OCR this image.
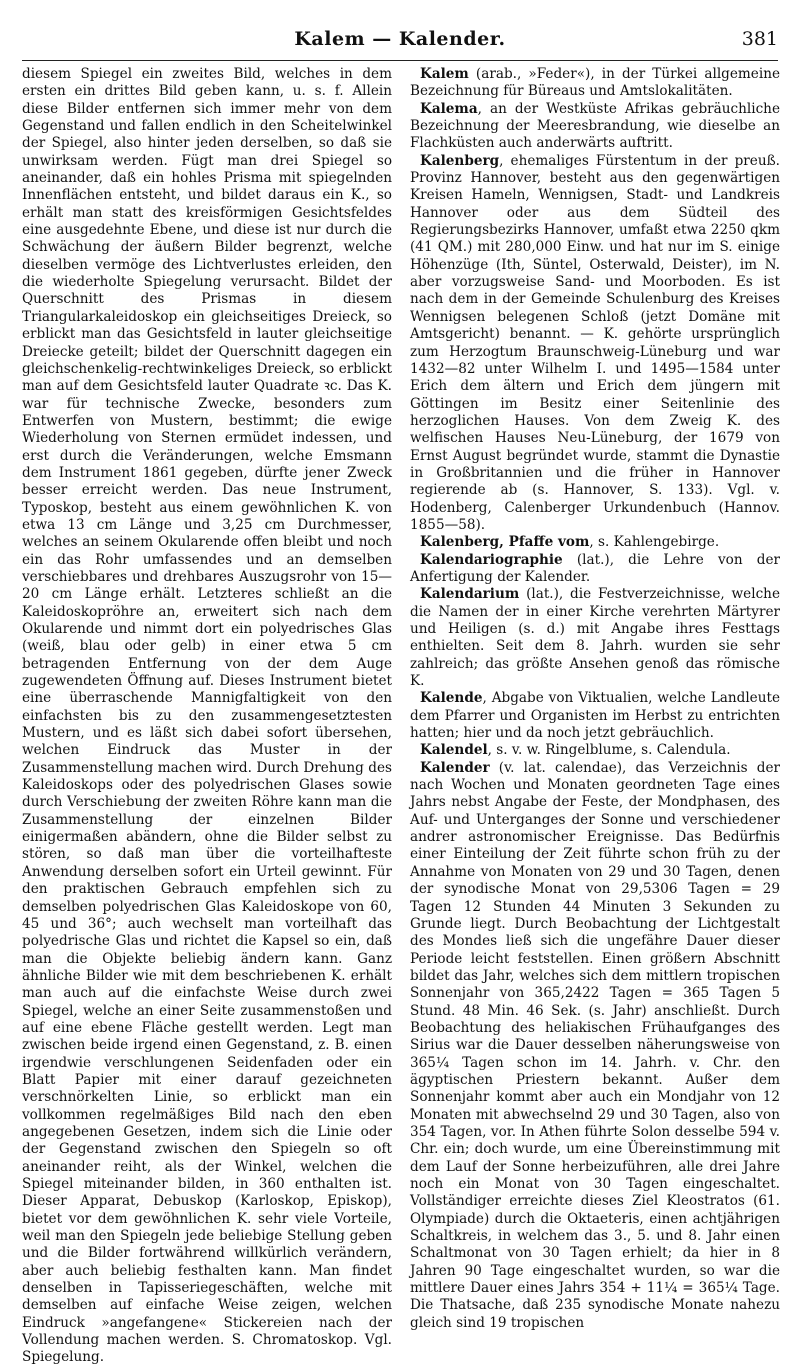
Kalem — Kalender.	381

diesem Spiegel ein zweites Bild, welches in dem ersten ein drittes Bild geben kann, u. s. f. Allein diese Bilder entfernen sich immer mehr von dem Gegenstand und fallen endlich in den Scheitelwinkel der Spiegel, also hinter jeden derselben, so daß sie unwirksam werden. Fügt man drei Spiegel so aneinander, daß ein hohles Prisma mit spiegelnden Innenflächen entsteht, und bildet daraus ein K., so erhält man statt des kreisförmigen Gesichtsfeldes eine ausgedehnte Ebene, und diese ist nur durch die Schwächung der äußern Bilder begrenzt, welche dieselben vermöge des Lichtverlustes erleiden, den die wiederholte Spiegelung verursacht. Bildet der Querschnitt des Prismas in diesem Triangularkaleidoskop ein gleichseitiges Dreieck, so erblickt man das Gesichtsfeld in lauter gleichseitige Dreiecke geteilt; bildet der Querschnitt dagegen ein gleichschenkelig-rechtwinkeliges Dreieck, so erblickt man auf dem Gesichtsfeld lauter Quadrate ꝛc. Das K. war für technische Zwecke, besonders zum Entwerfen von Mustern, bestimmt; die ewige Wiederholung von Sternen ermüdet indessen, und erst durch die Veränderungen, welche Emsmann dem Instrument 1861 gegeben, dürfte jener Zweck besser erreicht werden. Das neue Instrument, Typoskop, besteht aus einem gewöhnlichen K. von etwa 13 cm Länge und 3,25 cm Durchmesser, welches an seinem Okularende offen bleibt und noch ein das Rohr umfassendes und an demselben verschiebbares und drehbares Auszugsrohr von 15—20 cm Länge erhält. Letzteres schließt an die Kaleidoskopröhre an, erweitert sich nach dem Okularende und nimmt dort ein polyedrisches Glas (weiß, blau oder gelb) in einer etwa 5 cm betragenden Entfernung von der dem Auge zugewendeten Öffnung auf. Dieses Instrument bietet eine überraschende Mannigfaltigkeit von den einfachsten bis zu den zusammengesetztesten Mustern, und es läßt sich dabei sofort übersehen, welchen Eindruck das Muster in der Zusammenstellung machen wird. Durch Drehung des Kaleidoskops oder des polyedrischen Glases sowie durch Verschiebung der zweiten Röhre kann man die Zusammenstellung der einzelnen Bilder einigermaßen abändern, ohne die Bilder selbst zu stören, so daß man über die vorteilhafteste Anwendung derselben sofort ein Urteil gewinnt. Für den praktischen Gebrauch empfehlen sich zu demselben polyedrischen Glas Kaleidoskope von 60, 45 und 36°; auch wechselt man vorteilhaft das polyedrische Glas und richtet die Kapsel so ein, daß man die Objekte beliebig ändern kann. Ganz ähnliche Bilder wie mit dem beschriebenen K. erhält man auch auf die einfachste Weise durch zwei Spiegel, welche an einer Seite zusammenstoßen und auf eine ebene Fläche gestellt werden. Legt man zwischen beide irgend einen Gegenstand, z. B. einen irgendwie verschlungenen Seidenfaden oder ein Blatt Papier mit einer darauf gezeichneten verschnörkelten Linie, so erblickt man ein vollkommen regelmäßiges Bild nach den eben angegebenen Gesetzen, indem sich die Linie oder der Gegenstand zwischen den Spiegeln so oft aneinander reiht, als der Winkel, welchen die Spiegel miteinander bilden, in 360 enthalten ist. Dieser Apparat, Debuskop (Karloskop, Episkop), bietet vor dem gewöhnlichen K. sehr viele Vorteile, weil man den Spiegeln jede beliebige Stellung geben und die Bilder fortwährend willkürlich verändern, aber auch beliebig festhalten kann. Man findet denselben in Tapisseriegeschäften, welche mit demselben auf einfache Weise zeigen, welchen Eindruck »angefangene« Stickereien nach der Vollendung machen werden. S. Chromatoskop. Vgl. Spiegelung.

Kalem (arab., »Feder«), in der Türkei allgemeine Bezeichnung für Büreaus und Amtslokalitäten.

Kalema, an der Westküste Afrikas gebräuchliche Bezeichnung der Meeresbrandung, wie dieselbe an Flachküsten auch anderwärts auftritt.

Kalenberg, ehemaliges Fürstentum in der preuß. Provinz Hannover, besteht aus den gegenwärtigen Kreisen Hameln, Wennigsen, Stadt- und Landkreis Hannover oder aus dem Südteil des Regierungsbezirks Hannover, umfaßt etwa 2250 qkm (41 QM.) mit 280,000 Einw. und hat nur im S. einige Höhenzüge (Ith, Süntel, Osterwald, Deister), im N. aber vorzugsweise Sand- und Moorboden. Es ist nach dem in der Gemeinde Schulenburg des Kreises Wennigsen belegenen Schloß (jetzt Domäne mit Amtsgericht) benannt. — K. gehörte ursprünglich zum Herzogtum Braunschweig-Lüneburg und war 1432—82 unter Wilhelm I. und 1495—1584 unter Erich dem ältern und Erich dem jüngern mit Göttingen im Besitz einer Seitenlinie des herzoglichen Hauses. Von dem Zweig K. des welfischen Hauses Neu-Lüneburg, der 1679 von Ernst August begründet wurde, stammt die Dynastie in Großbritannien und die früher in Hannover regierende ab (s. Hannover, S. 133). Vgl. v. Hodenberg, Calenberger Urkundenbuch (Hannov. 1855—58).

Kalenberg, Pfaffe vom, s. Kahlengebirge.

Kalendariographie (lat.), die Lehre von der Anfertigung der Kalender.

Kalendarium (lat.), die Festverzeichnisse, welche die Namen der in einer Kirche verehrten Märtyrer und Heiligen (s. d.) mit Angabe ihres Festtags enthielten. Seit dem 8. Jahrh. wurden sie sehr zahlreich; das größte Ansehen genoß das römische K.

Kalende, Abgabe von Viktualien, welche Landleute dem Pfarrer und Organisten im Herbst zu entrichten hatten; hier und da noch jetzt gebräuchlich.

Kalendel, s. v. w. Ringelblume, s. Calendula.

Kalender (v. lat. calendae), das Verzeichnis der nach Wochen und Monaten geordneten Tage eines Jahrs nebst Angabe der Feste, der Mondphasen, des Auf- und Unterganges der Sonne und verschiedener andrer astronomischer Ereignisse. Das Bedürfnis einer Einteilung der Zeit führte schon früh zu der Annahme von Monaten von 29 und 30 Tagen, denen der synodische Monat von 29,5306 Tagen = 29 Tagen 12 Stunden 44 Minuten 3 Sekunden zu Grunde liegt. Durch Beobachtung der Lichtgestalt des Mondes ließ sich die ungefähre Dauer dieser Periode leicht feststellen. Einen größern Abschnitt bildet das Jahr, welches sich dem mittlern tropischen Sonnenjahr von 365,2422 Tagen = 365 Tagen 5 Stund. 48 Min. 46 Sek. (s. Jahr) anschließt. Durch Beobachtung des heliakischen Frühaufganges des Sirius war die Dauer desselben näherungsweise von 365¼ Tagen schon im 14. Jahrh. v. Chr. den ägyptischen Priestern bekannt. Außer dem Sonnenjahr kommt aber auch ein Mondjahr von 12 Monaten mit abwechselnd 29 und 30 Tagen, also von 354 Tagen, vor. In Athen führte Solon desselbe 594 v. Chr. ein; doch wurde, um eine Übereinstimmung mit dem Lauf der Sonne herbeizuführen, alle drei Jahre noch ein Monat von 30 Tagen eingeschaltet. Vollständiger erreichte dieses Ziel Kleostratos (61. Olympiade) durch die Oktaeteris, einen achtjährigen Schaltkreis, in welchem das 3., 5. und 8. Jahr einen Schaltmonat von 30 Tagen erhielt; da hier in 8 Jahren 90 Tage eingeschaltet wurden, so war die mittlere Dauer eines Jahrs 354 + 11¼ = 365¼ Tage. Die Thatsache, daß 235 synodische Monate nahezu gleich sind 19 tropischen
